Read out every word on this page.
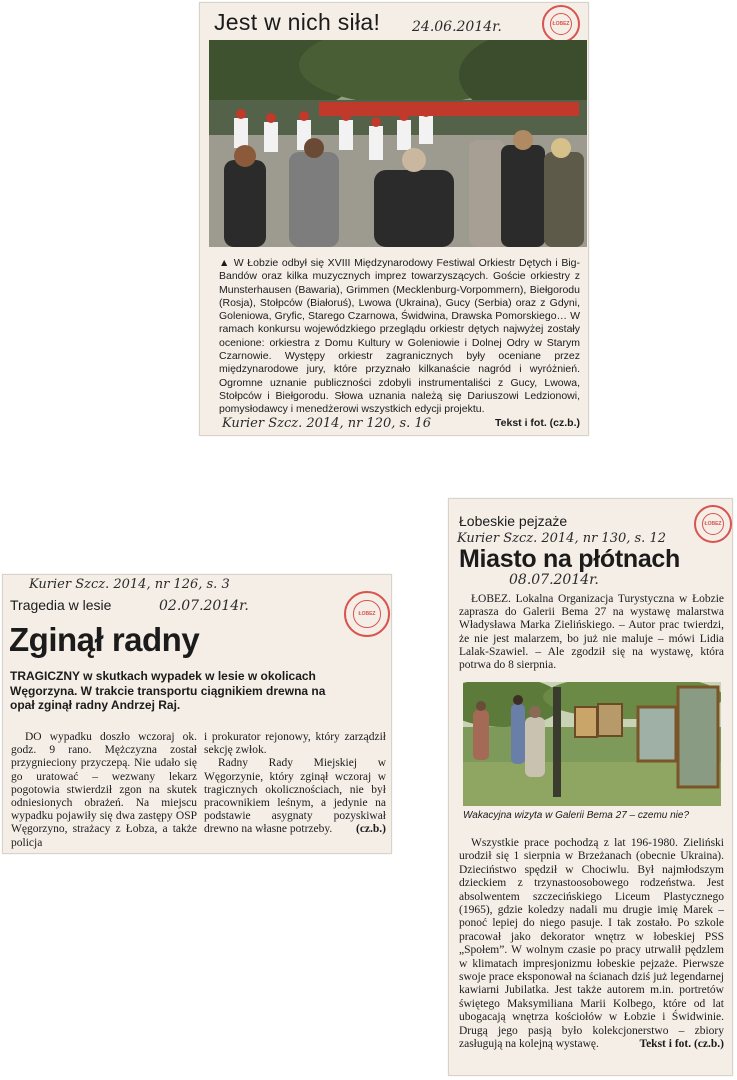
Jest w nich siła! 24.06.2014r.	ŁOBEZ
▲ W Łobzie odbył się XVIII Międzynarodowy Festiwal Orkiestr Dętych i Big-Bandów oraz kilka muzycznych imprez towarzyszących. Goście orkiestry z Munsterhausen (Bawaria), Grimmen (Mecklenburg-Vorpommern), Biełgorodu (Rosja), Stołpców (Białoruś), Lwowa (Ukraina), Gucy (Serbia) oraz z Gdyni, Goleniowa, Gryfic, Starego Czarnowa, Świdwina, Drawska Pomorskiego… W ramach konkursu wojewódzkiego przeglądu orkiestr dętych najwyżej zostały ocenione: orkiestra z Domu Kultury w Goleniowie i Dolnej Odry w Starym Czarnowie. Występy orkiestr zagranicznych były oceniane przez międzynarodowe jury, które przyznało kilkanaście nagród i wyróżnień. Ogromne uznanie publiczności zdobyli instrumentaliści z Gucy, Lwowa, Stołpców i Biełgorodu. Słowa uznania należą się Dariuszowi Ledzionowi, pomysłodawcy i menedżerowi wszystkich edycji projektu.
Kurier Szcz. 2014, nr 120, s. 16	Tekst i fot. (cz.b.)
Kurier Szcz. 2014, nr 126, s. 3
Tragedia w lesie	02.07.2014r.	ŁOBEZ
Zginął radny
TRAGICZNY w skutkach wypadek w lesie w okolicach Węgorzyna. W trakcie transportu ciągnikiem drewna na opał zginął radny Andrzej Raj.
DO wypadku doszło wczoraj ok. godz. 9 rano. Mężczyzna został przygnieciony przyczepą. Nie udało się go uratować – wezwany lekarz pogotowia stwierdził zgon na skutek odniesionych obrażeń. Na miejscu wypadku pojawiły się dwa zastępy OSP Węgorzyno, strażacy z Łobza, a także policja
i prokurator rejonowy, który zarządził sekcję zwłok.
Radny Rady Miejskiej w Węgorzynie, który zginął wczoraj w tragicznych okolicznościach, nie był pracownikiem leśnym, a jedynie na podstawie asygnaty pozyskiwał drewno na własne potrzeby.	(cz.b.)
Łobeskie pejzaże	ŁOBEZ
Kurier Szcz. 2014, nr 130, s. 12
Miasto na płótnach
08.07.2014r.
ŁOBEZ. Lokalna Organizacja Turystyczna w Łobzie zaprasza do Galerii Bema 27 na wystawę malarstwa Władysława Marka Zielińskiego. – Autor prac twierdzi, że nie jest malarzem, bo już nie maluje – mówi Lidia Lalak-Szawiel. – Ale zgodził się na wystawę, która potrwa do 8 sierpnia.
Wakacyjna wizyta w Galerii Bema 27 – czemu nie?
Wszystkie prace pochodzą z lat 196-1980. Zieliński urodził się 1 sierpnia w Brzeżanach (obecnie Ukraina). Dzieciństwo spędził w Chociwlu. Był najmłodszym dzieckiem z trzynastoosobowego rodzeństwa. Jest absolwentem szczecińskiego Liceum Plastycznego (1965), gdzie koledzy nadali mu drugie imię Marek – ponoć lepiej do niego pasuje. I tak zostało. Po szkole pracował jako dekorator wnętrz w łobeskiej PSS „Społem”. W wolnym czasie po pracy utrwalił pędzlem w klimatach impresjonizmu łobeskie pejzaże. Pierwsze swoje prace eksponował na ścianach dziś już legendarnej kawiarni Jubilatka. Jest także autorem m.in. portretów świętego Maksymiliana Marii Kolbego, które od lat ubogacają wnętrza kościołów w Łobzie i Świdwinie. Drugą jego pasją było kolekcjonerstwo – zbiory zasługują na kolejną wystawę.	Tekst i fot. (cz.b.)
